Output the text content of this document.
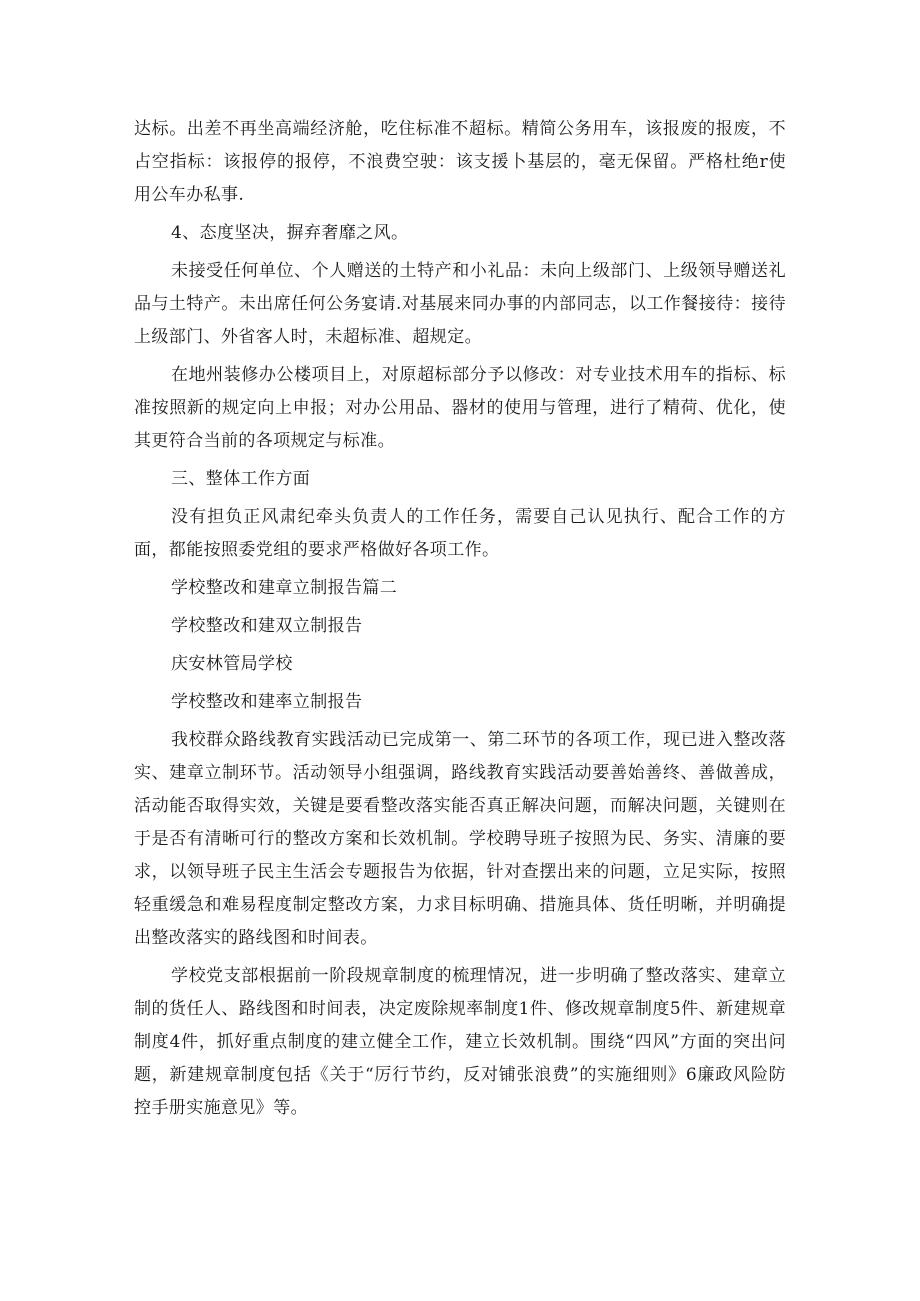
达标。出差不再坐高端经济舱，吃住标准不超标。精简公务用车，该报废的报废，不占空指标：该报停的报停，不浪费空驶：该支援卜基层的，毫无保留。严格杜绝r使用公车办私事.

4、态度坚决，摒弃奢靡之风。

未接受任何单位、个人赠送的土特产和小礼品：未向上级部门、上级领导赠送礼品与土特产。未出席任何公务宴请.对基展来同办事的内部同志，以工作餐接待：接待上级部门、外省客人时，未超标准、超规定。

在地州装修办公楼项目上，对原超标部分予以修改：对专业技术用车的指标、标准按照新的规定向上申报；对办公用品、器材的使用与管理，进行了精荷、优化，使其更符合当前的各项规定与标准。

三、整体工作方面

没有担负正风肃纪牵头负责人的工作任务，需要自己认见执行、配合工作的方面，都能按照委党组的要求严格做好各项工作。

学校整改和建章立制报告篇二

学校整改和建双立制报告

庆安林管局学校

学校整改和建率立制报告

我校群众路线教育实践活动已完成第一、第二环节的各项工作，现已进入整改落实、建章立制环节。活动领导小组强调，路线教育实践活动要善始善终、善做善成，活动能否取得实效，关键是要看整改落实能否真正解决问题，而解决问题，关键则在于是否有清晰可行的整改方案和长效机制。学校聘导班子按照为民、务实、清廉的要求，以领导班子民主生活会专题报告为依据，针对查摆出来的问题，立足实际，按照轻重缓急和难易程度制定整改方案，力求目标明确、措施具体、货任明晰，并明确提出整改落实的路线图和时间表。

学校党支部根据前一阶段规章制度的梳理情况，进一步明确了整改落实、建章立制的货任人、路线图和时间表，决定废除规率制度1件、修改规章制度5件、新建规章制度4件，抓好重点制度的建立健全工作，建立长效机制。围绕“四风”方面的突出问题，新建规章制度包括《关于“厉行节约，反对铺张浪费”的实施细则》6廉政风险防控手册实施意见》等。
